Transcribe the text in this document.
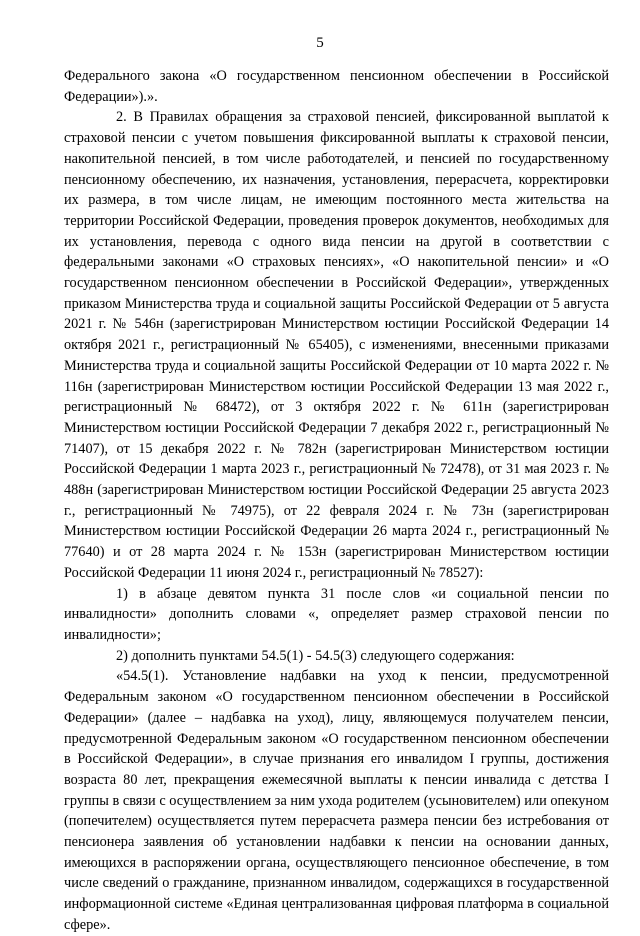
5

Федерального закона «О государственном пенсионном обеспечении в Российской Федерации»).».

2. В Правилах обращения за страховой пенсией, фиксированной выплатой к страховой пенсии с учетом повышения фиксированной выплаты к страховой пенсии, накопительной пенсией, в том числе работодателей, и пенсией по государственному пенсионному обеспечению, их назначения, установления, перерасчета, корректировки их размера, в том числе лицам, не имеющим постоянного места жительства на территории Российской Федерации, проведения проверок документов, необходимых для их установления, перевода с одного вида пенсии на другой в соответствии с федеральными законами «О страховых пенсиях», «О накопительной пенсии» и «О государственном пенсионном обеспечении в Российской Федерации», утвержденных приказом Министерства труда и социальной защиты Российской Федерации от 5 августа 2021 г. № 546н (зарегистрирован Министерством юстиции Российской Федерации 14 октября 2021 г., регистрационный № 65405), с изменениями, внесенными приказами Министерства труда и социальной защиты Российской Федерации от 10 марта 2022 г. № 116н (зарегистрирован Министерством юстиции Российской Федерации 13 мая 2022 г., регистрационный № 68472), от 3 октября 2022 г. № 611н (зарегистрирован Министерством юстиции Российской Федерации 7 декабря 2022 г., регистрационный № 71407), от 15 декабря 2022 г. № 782н (зарегистрирован Министерством юстиции Российской Федерации 1 марта 2023 г., регистрационный № 72478), от 31 мая 2023 г. № 488н (зарегистрирован Министерством юстиции Российской Федерации 25 августа 2023 г., регистрационный № 74975), от 22 февраля 2024 г. № 73н (зарегистрирован Министерством юстиции Российской Федерации 26 марта 2024 г., регистрационный № 77640) и от 28 марта 2024 г. № 153н (зарегистрирован Министерством юстиции Российской Федерации 11 июня 2024 г., регистрационный № 78527):

1) в абзаце девятом пункта 31 после слов «и социальной пенсии по инвалидности» дополнить словами «, определяет размер страховой пенсии по инвалидности»;

2) дополнить пунктами 54.5(1) - 54.5(3) следующего содержания:

«54.5(1). Установление надбавки на уход к пенсии, предусмотренной Федеральным законом «О государственном пенсионном обеспечении в Российской Федерации» (далее – надбавка на уход), лицу, являющемуся получателем пенсии, предусмотренной Федеральным законом «О государственном пенсионном обеспечении в Российской Федерации», в случае признания его инвалидом I группы, достижения возраста 80 лет, прекращения ежемесячной выплаты к пенсии инвалида с детства I группы в связи с осуществлением за ним ухода родителем (усыновителем) или опекуном (попечителем) осуществляется путем перерасчета размера пенсии без истребования от пенсионера заявления об установлении надбавки к пенсии на основании данных, имеющихся в распоряжении органа, осуществляющего пенсионное обеспечение, в том числе сведений о гражданине, признанном инвалидом, содержащихся в государственной информационной системе «Единая централизованная цифровая платформа в социальной сфере».
